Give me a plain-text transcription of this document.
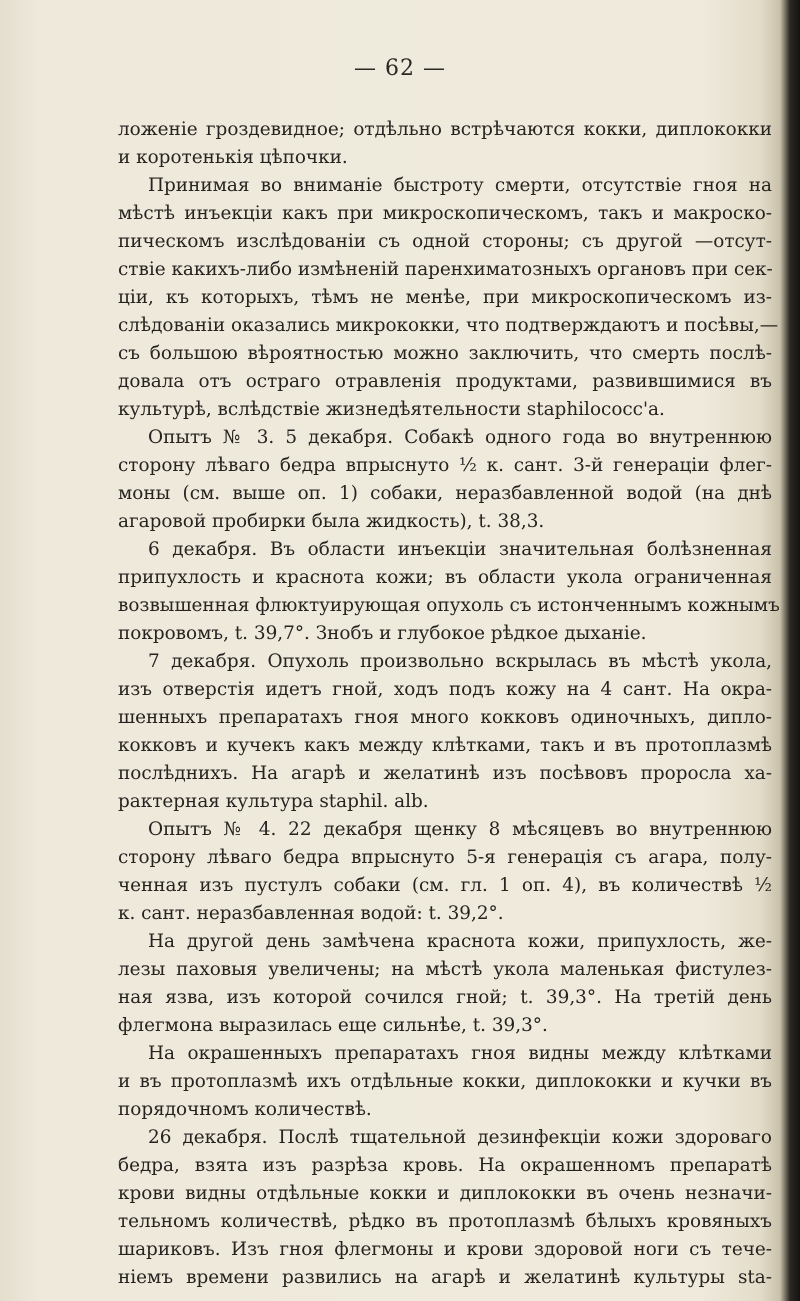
— 62 —
ложеніе гроздевидное; отдѣльно встрѣчаются кокки, диплококки
и коротенькія цѣпочки.
Принимая во вниманіе быстроту смерти, отсутствіе гноя на
мѣстѣ инъекціи какъ при микроскопическомъ, такъ и макроско-
пическомъ изслѣдованіи съ одной стороны; съ другой —отсут-
ствіе какихъ-либо измѣненій паренхиматозныхъ органовъ при сек-
ціи, къ которыхъ, тѣмъ не менѣе, при микроскопическомъ из-
слѣдованіи оказались микрококки, что подтверждаютъ и посѣвы,—
съ большою вѣроятностью можно заключить, что смерть послѣ-
довала отъ остраго отравленія продуктами, развившимися въ
культурѣ, вслѣдствіе жизнедѣятельности staphilococc'a.
Опытъ № 3. 5 декабря. Собакѣ одного года во внутреннюю
сторону лѣваго бедра впрыснуто ½ к. сант. 3-й генераціи флег-
моны (см. выше оп. 1) собаки, неразбавленной водой (на днѣ
агаровой пробирки была жидкость), t. 38,3.
6 декабря. Въ области инъекціи значительная болѣзненная
припухлость и краснота кожи; въ области укола ограниченная
возвышенная флюктуирующая опухоль съ истонченнымъ кожнымъ
покровомъ, t. 39,7°. Знобъ и глубокое рѣдкое дыханіе.
7 декабря. Опухоль произвольно вскрылась въ мѣстѣ укола,
изъ отверстія идетъ гной, ходъ подъ кожу на 4 сант. На окра-
шенныхъ препаратахъ гноя много кокковъ одиночныхъ, дипло-
кокковъ и кучекъ какъ между клѣтками, такъ и въ протоплазмѣ
послѣднихъ. На агарѣ и желатинѣ изъ посѣвовъ проросла ха-
рактерная культура staphil. alb.
Опытъ № 4. 22 декабря щенку 8 мѣсяцевъ во внутреннюю
сторону лѣваго бедра впрыснуто 5-я генерація съ агара, полу-
ченная изъ пустулъ собаки (см. гл. 1 оп. 4), въ количествѣ ½
к. сант. неразбавленная водой: t. 39,2°.
На другой день замѣчена краснота кожи, припухлость, же-
лезы паховыя увеличены; на мѣстѣ укола маленькая фистулез-
ная язва, изъ которой сочился гной; t. 39,3°. На третій день
флегмона выразилась еще сильнѣе, t. 39,3°.
На окрашенныхъ препаратахъ гноя видны между клѣтками
и въ протоплазмѣ ихъ отдѣльные кокки, диплококки и кучки въ
порядочномъ количествѣ.
26 декабря. Послѣ тщательной дезинфекціи кожи здороваго
бедра, взята изъ разрѣза кровь. На окрашенномъ препаратѣ
крови видны отдѣльные кокки и диплококки въ очень незначи-
тельномъ количествѣ, рѣдко въ протоплазмѣ бѣлыхъ кровяныхъ
шариковъ. Изъ гноя флегмоны и крови здоровой ноги съ тече-
ніемъ времени развились на агарѣ и желатинѣ культуры sta-
